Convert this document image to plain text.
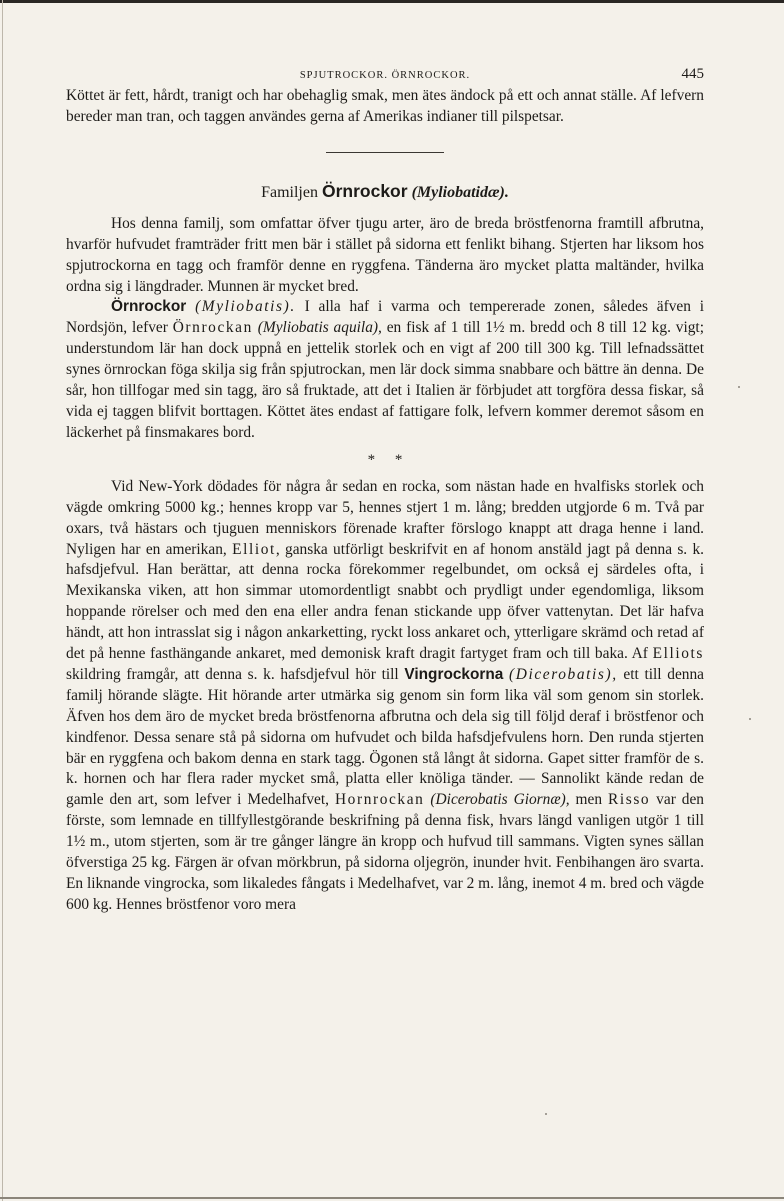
SPJUTROCKOR. ÖRNROCKOR.	445

Köttet är fett, hårdt, tranigt och har obehaglig smak, men ätes ändock på ett och annat ställe. Af lefvern bereder man tran, och taggen användes gerna af Amerikas indianer till pilspetsar.

Familjen Örnrockor (Myliobatidæ).

Hos denna familj, som omfattar öfver tjugu arter, äro de breda bröstfenorna framtill afbrutna, hvarför hufvudet framträder fritt men bär i stället på sidorna ett fenlikt bihang. Stjerten har liksom hos spjutrockorna en tagg och framför denne en ryggfena. Tänderna äro mycket platta maltänder, hvilka ordna sig i längdrader. Munnen är mycket bred.

Örnrockor (Myliobatis). I alla haf i varma och tempererade zonen, således äfven i Nordsjön, lefver Örnrockan (Myliobatis aquila), en fisk af 1 till 1½ m. bredd och 8 till 12 kg. vigt; understundom lär han dock uppnå en jettelik storlek och en vigt af 200 till 300 kg. Till lefnadssättet synes örnrockan föga skilja sig från spjutrockan, men lär dock simma snabbare och bättre än denna. De sår, hon tillfogar med sin tagg, äro så fruktade, att det i Italien är förbjudet att torgföra dessa fiskar, så vida ej taggen blifvit borttagen. Köttet ätes endast af fattigare folk, lefvern kommer deremot såsom en läckerhet på finsmakares bord.

* *

Vid New-York dödades för några år sedan en rocka, som nästan hade en hvalfisks storlek och vägde omkring 5000 kg.; hennes kropp var 5, hennes stjert 1 m. lång; bredden utgjorde 6 m. Två par oxars, två hästars och tjuguen menniskors förenade krafter förslogo knappt att draga henne i land. Nyligen har en amerikan, Elliot, ganska utförligt beskrifvit en af honom anstäld jagt på denna s. k. hafsdjefvul. Han berättar, att denna rocka förekommer regelbundet, om också ej särdeles ofta, i Mexikanska viken, att hon simmar utomordentligt snabbt och prydligt under egendomliga, liksom hoppande rörelser och med den ena eller andra fenan stickande upp öfver vattenytan. Det lär hafva händt, att hon intrasslat sig i någon ankarketting, ryckt loss ankaret och, ytterligare skrämd och retad af det på henne fasthängande ankaret, med demonisk kraft dragit fartyget fram och till baka. Af Elliots skildring framgår, att denna s. k. hafsdjefvul hör till Vingrockorna (Dicerobatis), ett till denna familj hörande slägte. Hit hörande arter utmärka sig genom sin form lika väl som genom sin storlek. Äfven hos dem äro de mycket breda bröstfenorna afbrutna och dela sig till följd deraf i bröstfenor och kindfenor. Dessa senare stå på sidorna om hufvudet och bilda hafsdjefvulens horn. Den runda stjerten bär en ryggfena och bakom denna en stark tagg. Ögonen stå långt åt sidorna. Gapet sitter framför de s. k. hornen och har flera rader mycket små, platta eller knöliga tänder. — Sannolikt kände redan de gamle den art, som lefver i Medelhafvet, Hornrockan (Dicerobatis Giornæ), men Risso var den förste, som lemnade en tillfyllestgörande beskrifning på denna fisk, hvars längd vanligen utgör 1 till 1½ m., utom stjerten, som är tre gånger längre än kropp och hufvud till sammans. Vigten synes sällan öfverstiga 25 kg. Färgen är ofvan mörkbrun, på sidorna oljegrön, inunder hvit. Fenbihangen äro svarta. En liknande vingrocka, som likaledes fångats i Medelhafvet, var 2 m. lång, inemot 4 m. bred och vägde 600 kg. Hennes bröstfenor voro mera
